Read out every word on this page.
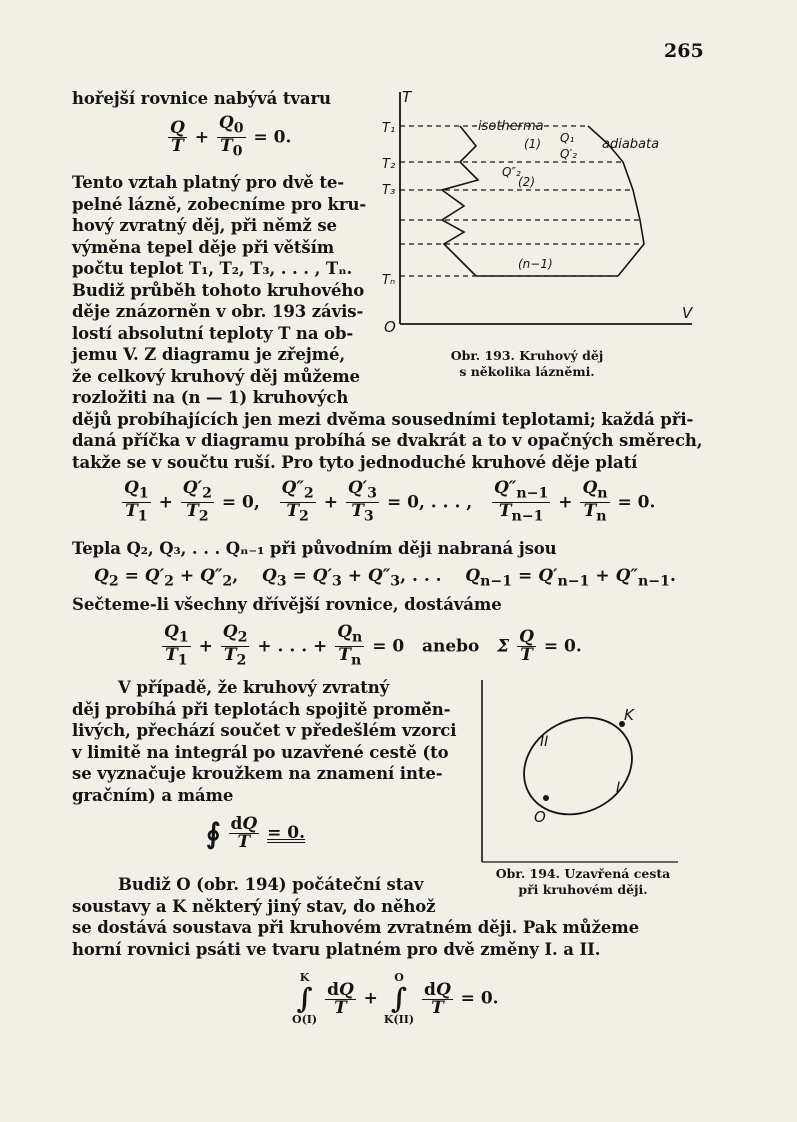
265
hořejší rovnice nabývá tvaru
$\frac{Q}{T} + \frac{Q_0}{T_0} = 0$.
Tento vztah platný pro dvě te-
pelné lázně, zobecníme pro kru-
hový zvratný děj, při němž se
výměna tepel děje při větším
počtu teplot T₁, T₂, T₃, . . . , Tₙ.
Budiž průběh tohoto kruhového
děje znázorněn v obr. 193 závis-
lostí absolutní teploty T na ob-
jemu V. Z diagramu je zřejmé,
že celkový kruhový děj můžeme
rozložiti na (n — 1) kruhových
dějů probíhajících jen mezi dvěma sousedními teplotami; každá při-
daná příčka v diagramu probíhá se dvakrát a to v opačných směrech,
takže se v součtu ruší. Pro tyto jednoduché kruhové děje platí
T
V
O
T₁
T₂
T₃
Tₙ
isotherma
adiabata
Q₁
Q′₂
Q″₂
(1)
(2)
(n−1)
Obr. 193. Kruhový děj
s několika lázněmi.
$\frac{Q_1}{T_1} + \frac{Q'_2}{T_2} = 0$, $\frac{Q''_2}{T_2} + \frac{Q'_3}{T_3} = 0$, . . . , $\frac{Q''_{n-1}}{T_{n-1}} + \frac{Q_n}{T_n} = 0$.
Tepla Q₂, Q₃, . . . Qₙ₋₁ při původním ději nabraná jsou
$Q_2 = Q'_2 + Q''_2$,    $Q_3 = Q'_3 + Q''_3$, . . .    $Q_{n-1} = Q'_{n-1} + Q''_{n-1}$.
Sečteme-li všechny dřívější rovnice, dostáváme
$\frac{Q_1}{T_1} + \frac{Q_2}{T_2}$ + . . . + $\frac{Q_n}{T_n} = 0$   anebo   Σ $\frac{Q}{T} = 0$.
V případě, že kruhový zvratný
děj probíhá při teplotách spojitě promě̆n-
livých, přechází součet v předešlém vzorci
v limitě na integrál po uzavřené cestě (to
se vyznačuje kroužkem na znamení inte-
gračním) a máme
∮ $\frac{dQ}{T} = 0$.
K
O
I
II
Obr. 194. Uzavřená cesta
při kruhovém ději.
Budiž O (obr. 194) počáteční stav
soustavy a K některý jiný stav, do něhož
se dostává soustava při kruhovém zvratném ději. Pak můžeme
horní rovnici psáti ve tvaru platném pro dvě změny I. a II.
K
∫
O(I)
$\frac{dQ}{T} + O$
∫
K(II)
$\frac{dQ}{T} = 0$.
